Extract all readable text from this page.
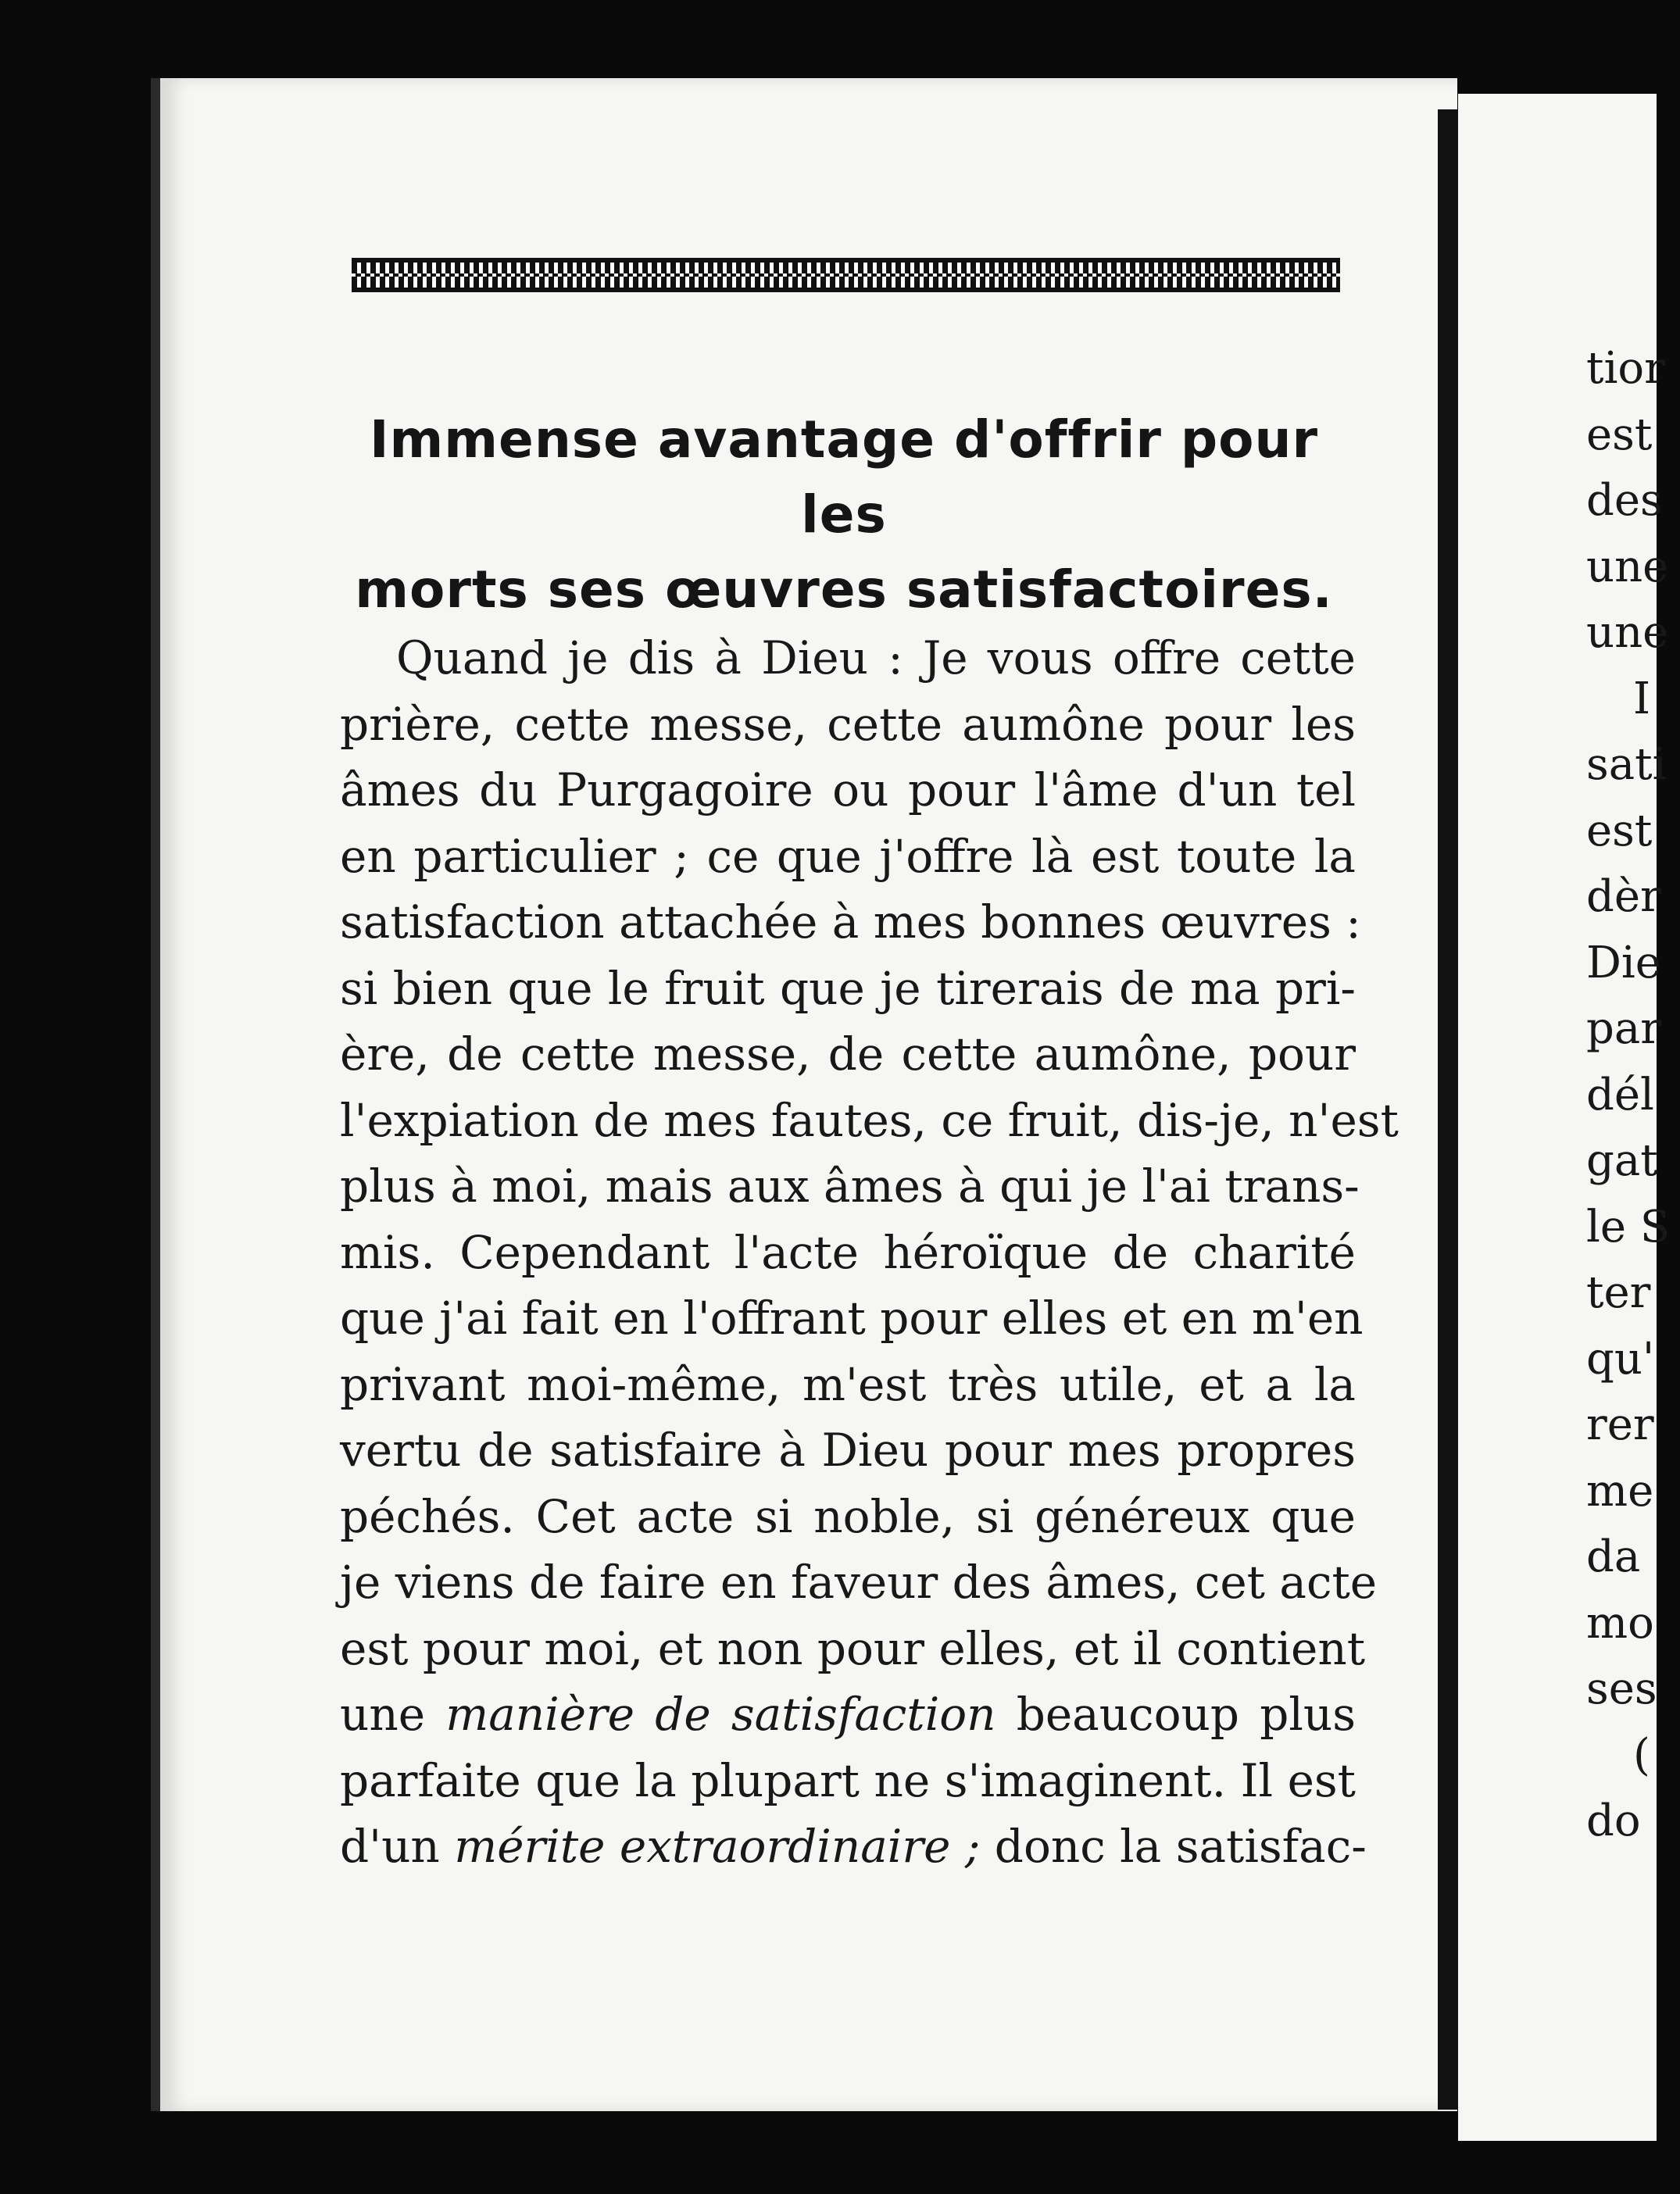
Immense avantage d'offrir pour les
morts ses œuvres satisfactoires.
Quand je dis à Dieu : Je vous offre cette
prière, cette messe, cette aumône pour les
âmes du Purgagoire ou pour l'âme d'un tel
en particulier ; ce que j'offre là est toute la
satisfaction attachée à mes bonnes œuvres :
si bien que le fruit que je tirerais de ma pri-
ère, de cette messe, de cette aumône, pour
l'expiation de mes fautes, ce fruit, dis-je, n'est
plus à moi, mais aux âmes à qui je l'ai trans-
mis. Cependant l'acte héroïque de charité
que j'ai fait en l'offrant pour elles et en m'en
privant moi-même, m'est très utile, et a la
vertu de satisfaire à Dieu pour mes propres
péchés. Cet acte si noble, si généreux que
je viens de faire en faveur des âmes, cet acte
est pour moi, et non pour elles, et il contient
une manière de satisfaction beaucoup plus
parfaite que la plupart ne s'imaginent. Il est
d'un mérite extraordinaire ; donc la satisfac-
tior
est
des
une
une
I
sati
est
dèr
Die
par
dél
gat
le S
ter
qu'
rer
me
da
mo
ses
(
do
